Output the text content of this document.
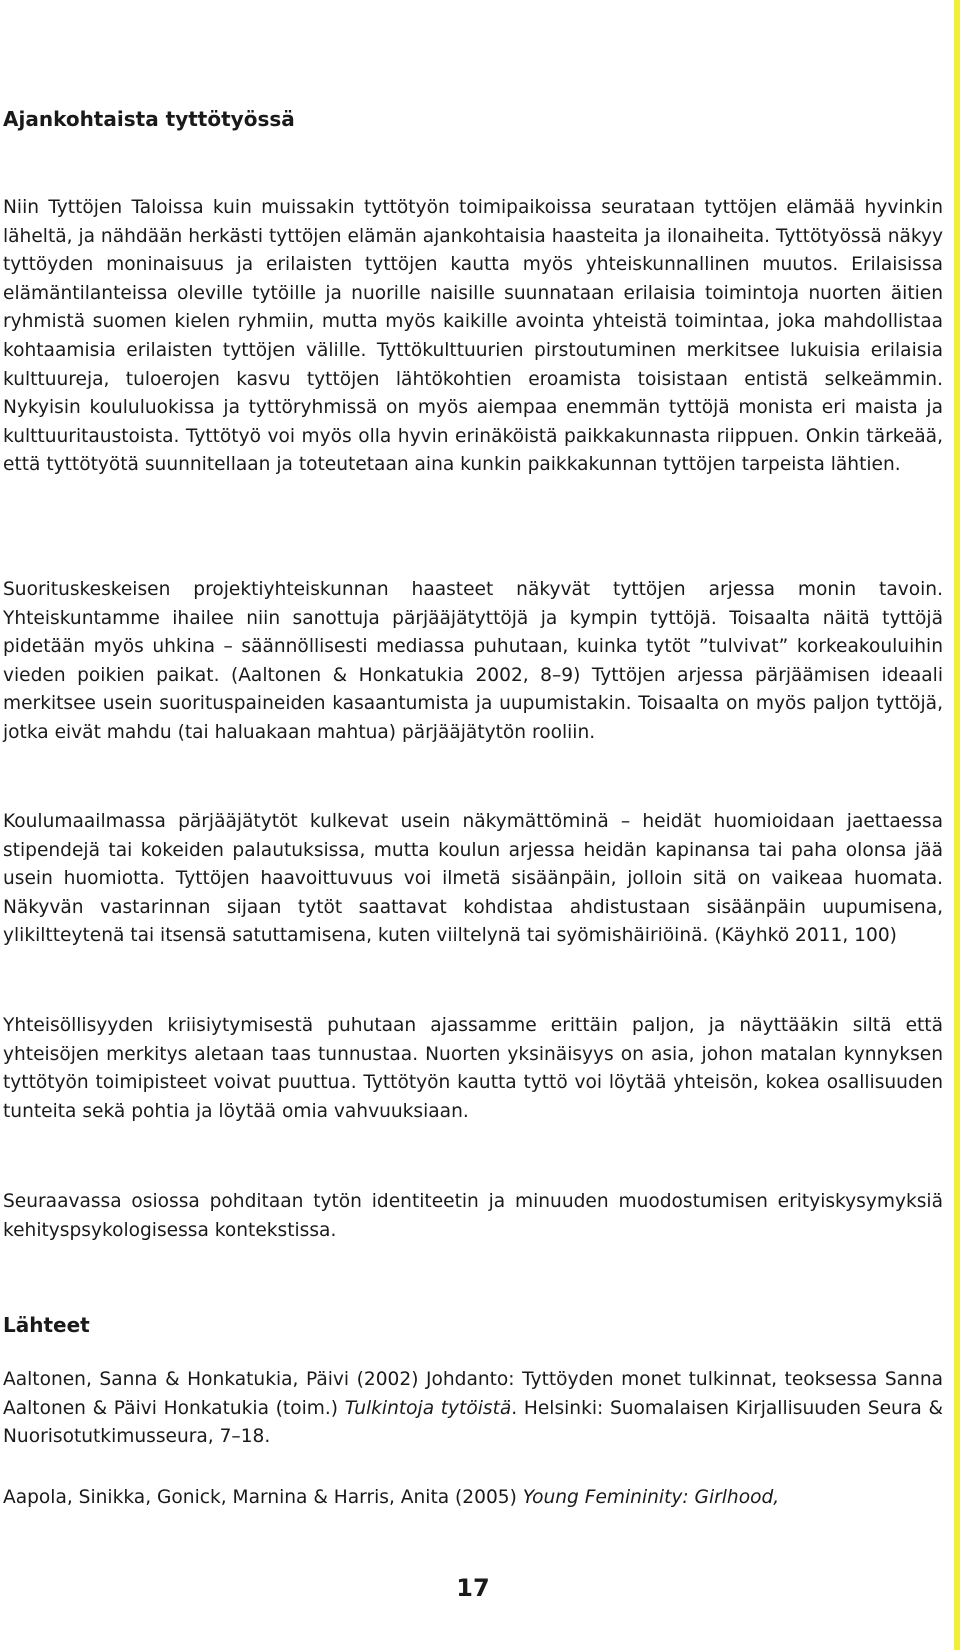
Ajankohtaista tyttötyössä

Niin Tyttöjen Taloissa kuin muissakin tyttötyön toimipaikoissa seurataan tyttöjen elämää hyvinkin läheltä, ja nähdään herkästi tyttöjen elämän ajankohtaisia haasteita ja ilonaiheita. Tyttötyössä näkyy tyttöyden moninaisuus ja erilaisten tyttöjen kautta myös yhteiskunnallinen muutos. Erilaisissa elämäntilanteissa oleville tytöille ja nuorille naisille suunnataan erilaisia toimintoja nuorten äitien ryhmistä suomen kielen ryhmiin, mutta myös kaikille avointa yhteistä toimintaa, joka mahdollistaa kohtaamisia erilaisten tyttöjen välille. Tyttökulttuurien pirstoutuminen merkitsee lukuisia erilaisia kulttuureja, tuloerojen kasvu tyttöjen lähtökohtien eroamista toisistaan entistä selkeämmin. Nykyisin koululuokissa ja tyttöryhmissä on myös aiempaa enemmän tyttöjä monista eri maista ja kulttuuritaustoista. Tyttötyö voi myös olla hyvin erinäköistä paikkakunnasta riippuen. Onkin tärkeää, että tyttötyötä suunnitellaan ja toteutetaan aina kunkin paikkakunnan tyttöjen tarpeista lähtien.

Suorituskeskeisen projektiyhteiskunnan haasteet näkyvät tyttöjen arjessa monin tavoin. Yhteiskuntamme ihailee niin sanottuja pärjääjätyttöjä ja kympin tyttöjä. Toisaalta näitä tyttöjä pidetään myös uhkina – säännöllisesti mediassa puhutaan, kuinka tytöt ”tulvivat” korkeakouluihin vieden poikien paikat. (Aaltonen & Honkatukia 2002, 8–9) Tyttöjen arjessa pärjäämisen ideaali merkitsee usein suorituspaineiden kasaantumista ja uupumistakin. Toisaalta on myös paljon tyttöjä, jotka eivät mahdu (tai haluakaan mahtua) pärjääjätytön rooliin.

Koulumaailmassa pärjääjätytöt kulkevat usein näkymättöminä – heidät huomioidaan jaettaessa stipendejä tai kokeiden palautuksissa, mutta koulun arjessa heidän kapinansa tai paha olonsa jää usein huomiotta. Tyttöjen haavoittuvuus voi ilmetä sisäänpäin, jolloin sitä on vaikeaa huomata. Näkyvän vastarinnan sijaan tytöt saattavat kohdistaa ahdistustaan sisäänpäin uupumisena, ylikiltteytenä tai itsensä satuttamisena, kuten viiltelynä tai syömishäiriöinä. (Käyhkö 2011, 100)

Yhteisöllisyyden kriisiytymisestä puhutaan ajassamme erittäin paljon, ja näyttääkin siltä että yhteisöjen merkitys aletaan taas tunnustaa. Nuorten yksinäisyys on asia, johon matalan kynnyksen tyttötyön toimipisteet voivat puuttua. Tyttötyön kautta tyttö voi löytää yhteisön, kokea osallisuuden tunteita sekä pohtia ja löytää omia vahvuuksiaan.

Seuraavassa osiossa pohditaan tytön identiteetin ja minuuden muodostumisen erityiskysymyksiä kehityspsykologisessa kontekstissa.

Lähteet

Aaltonen, Sanna & Honkatukia, Päivi (2002) Johdanto: Tyttöyden monet tulkinnat, teoksessa Sanna Aaltonen & Päivi Honkatukia (toim.) Tulkintoja tytöistä. Helsinki: Suomalaisen Kirjallisuuden Seura & Nuorisotutkimusseura, 7–18.

Aapola, Sinikka, Gonick, Marnina & Harris, Anita (2005) Young Femininity: Girlhood,

17
